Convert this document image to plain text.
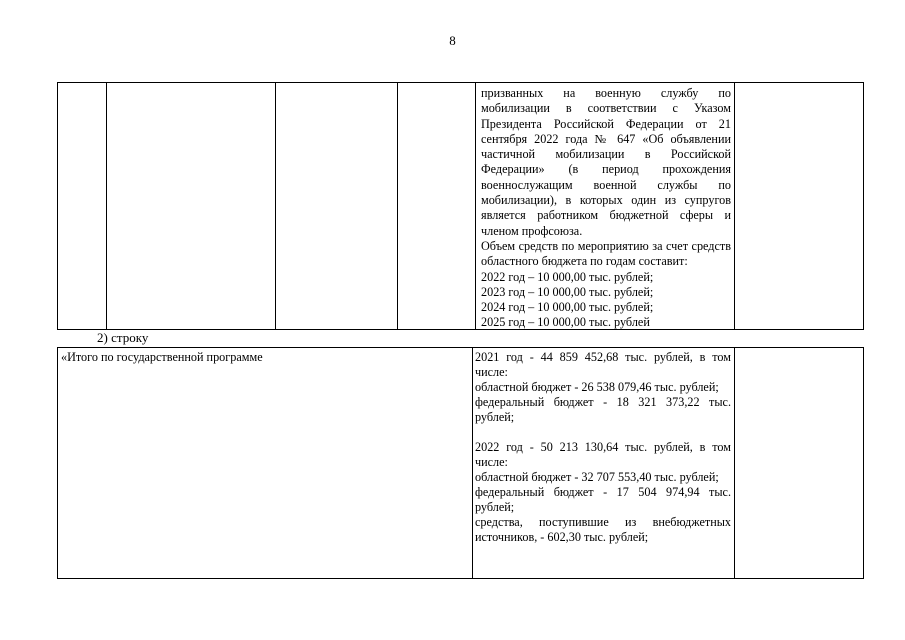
8
призванных на военную службу по мобилизации в соответствии с Указом Президента Российской Федерации от 21 сентября 2022 года № 647 «Об объявлении частичной мобилизации в Российской Федерации» (в период прохождения военнослужащим военной службы по мобилизации), в которых один из супругов является работником бюджетной сферы и членом профсоюза.
Объем средств по мероприятию за счет средств областного бюджета по годам составит:
2022 год – 10 000,00 тыс. рублей;
2023 год – 10 000,00 тыс. рублей;
2024 год – 10 000,00 тыс. рублей;
2025 год – 10 000,00 тыс. рублей
2) строку
«Итого по государственной программе	2021 год - 44 859 452,68 тыс. рублей, в том числе:

областной бюджет - 26 538 079,46 тыс. рублей;

федеральный бюджет - 18 321 373,22 тыс. рублей;

2022 год - 50 213 130,64 тыс. рублей, в том числе:

областной бюджет - 32 707 553,40 тыс. рублей;

федеральный бюджет - 17 504 974,94 тыс. рублей;

средства, поступившие из внебюджетных источников, - 602,30 тыс. рублей;
